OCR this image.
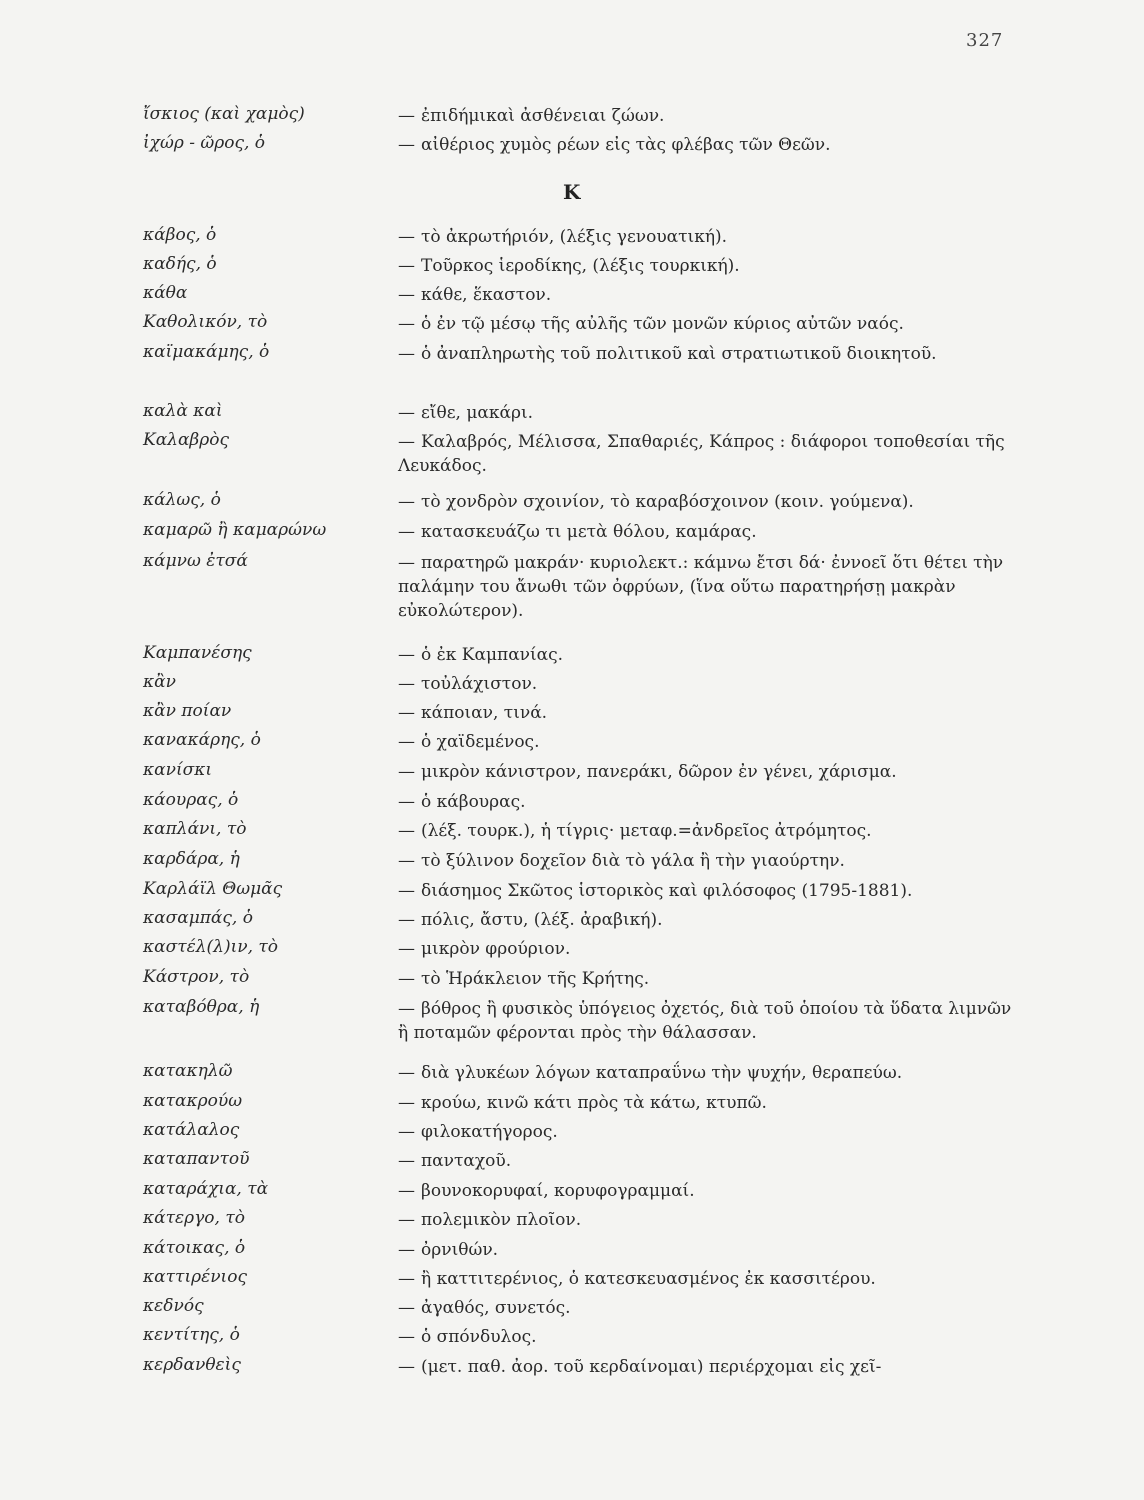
327
ἴσκιος (καὶ χαμὸς)	— ἐπιδήμικαὶ ἀσθένειαι ζώων.
ἰχώρ - ῶρος, ὁ	— αἰθέριος χυμὸς ρέων εἰς τὰς φλέβας τῶν Θεῶν.
Κ
κάβος, ὁ	— τὸ ἀκρωτήριόν, (λέξις γενουατική).
καδής, ὁ	— Τοῦρκος ἱεροδίκης, (λέξις τουρκική).
κάθα	— κάθε, ἕκαστον.
Καθολικόν, τὸ	— ὁ ἐν τῷ μέσῳ τῆς αὐλῆς τῶν μονῶν κύριος αὐτῶν ναός.
καϊμακάμης, ὁ	— ὁ ἀναπληρωτὴς τοῦ πολιτικοῦ καὶ στρατιωτικοῦ διοικητοῦ.
καλὰ καὶ	— εἴθε, μακάρι.
Καλαβρὸς	— Καλαβρός, Μέλισσα, Σπαθαριές, Κάπρος : διάφοροι τοποθεσίαι τῆς Λευκάδος.
κάλως, ὁ	— τὸ χονδρὸν σχοινίον, τὸ καραβόσχοινον (κοιν. γούμενα).
καμαρῶ ἢ καμαρώνω	— κατασκευάζω τι μετὰ θόλου, καμάρας.
κάμνω ἐτσά	— παρατηρῶ μακράν· κυριολεκτ.: κάμνω ἔτσι δά· ἐννοεῖ ὅτι θέτει τὴν παλάμην του ἄνωθι τῶν ὀφρύων, (ἵνα οὕτω παρατηρήσῃ μακρὰν εὐκολώτερον).
Καμπανέσης	— ὁ ἐκ Καμπανίας.
κἂν	— τοὐλάχιστον.
κἂν ποίαν	— κάποιαν, τινά.
κανακάρης, ὁ	— ὁ χαϊδεμένος.
κανίσκι	— μικρὸν κάνιστρον, πανεράκι, δῶρον ἐν γένει, χάρισμα.
κάουρας, ὁ	— ὁ κάβουρας.
καπλάνι, τὸ	— (λέξ. τουρκ.), ἡ τίγρις· μεταφ.=ἀνδρεῖος ἀτρόμητος.
καρδάρα, ἡ	— τὸ ξύλινον δοχεῖον διὰ τὸ γάλα ἢ τὴν γιαούρτην.
Καρλάϊλ Θωμᾶς	— διάσημος Σκῶτος ἱστορικὸς καὶ φιλόσοφος (1795-1881).
κασαμπάς, ὁ	— πόλις, ἄστυ, (λέξ. ἀραβική).
καστέλ(λ)ιν, τὸ	— μικρὸν φρούριον.
Κάστρον, τὸ	— τὸ Ἡράκλειον τῆς Κρήτης.
καταβόθρα, ἡ	— βόθρος ἢ φυσικὸς ὑπόγειος ὀχετός, διὰ τοῦ ὁποίου τὰ ὕδατα λιμνῶν ἢ ποταμῶν φέρονται πρὸς τὴν θάλασσαν.
κατακηλῶ	— διὰ γλυκέων λόγων καταπραΰνω τὴν ψυχήν, θεραπεύω.
κατακρούω	— κρούω, κινῶ κάτι πρὸς τὰ κάτω, κτυπῶ.
κατάλαλος	— φιλοκατήγορος.
καταπαντοῦ	— πανταχοῦ.
καταράχια, τὰ	— βουνοκορυφαί, κορυφογραμμαί.
κάτεργο, τὸ	— πολεμικὸν πλοῖον.
κάτοικας, ὁ	— ὀρνιθών.
καττιρένιος	— ἢ καττιτερένιος, ὁ κατεσκευασμένος ἐκ κασσιτέρου.
κεδνός	— ἀγαθός, συνετός.
κεντίτης, ὁ	— ὁ σπόνδυλος.
κερδανθεὶς	— (μετ. παθ. ἀορ. τοῦ κερδαίνομαι) περιέρχομαι εἰς χεῖ-
